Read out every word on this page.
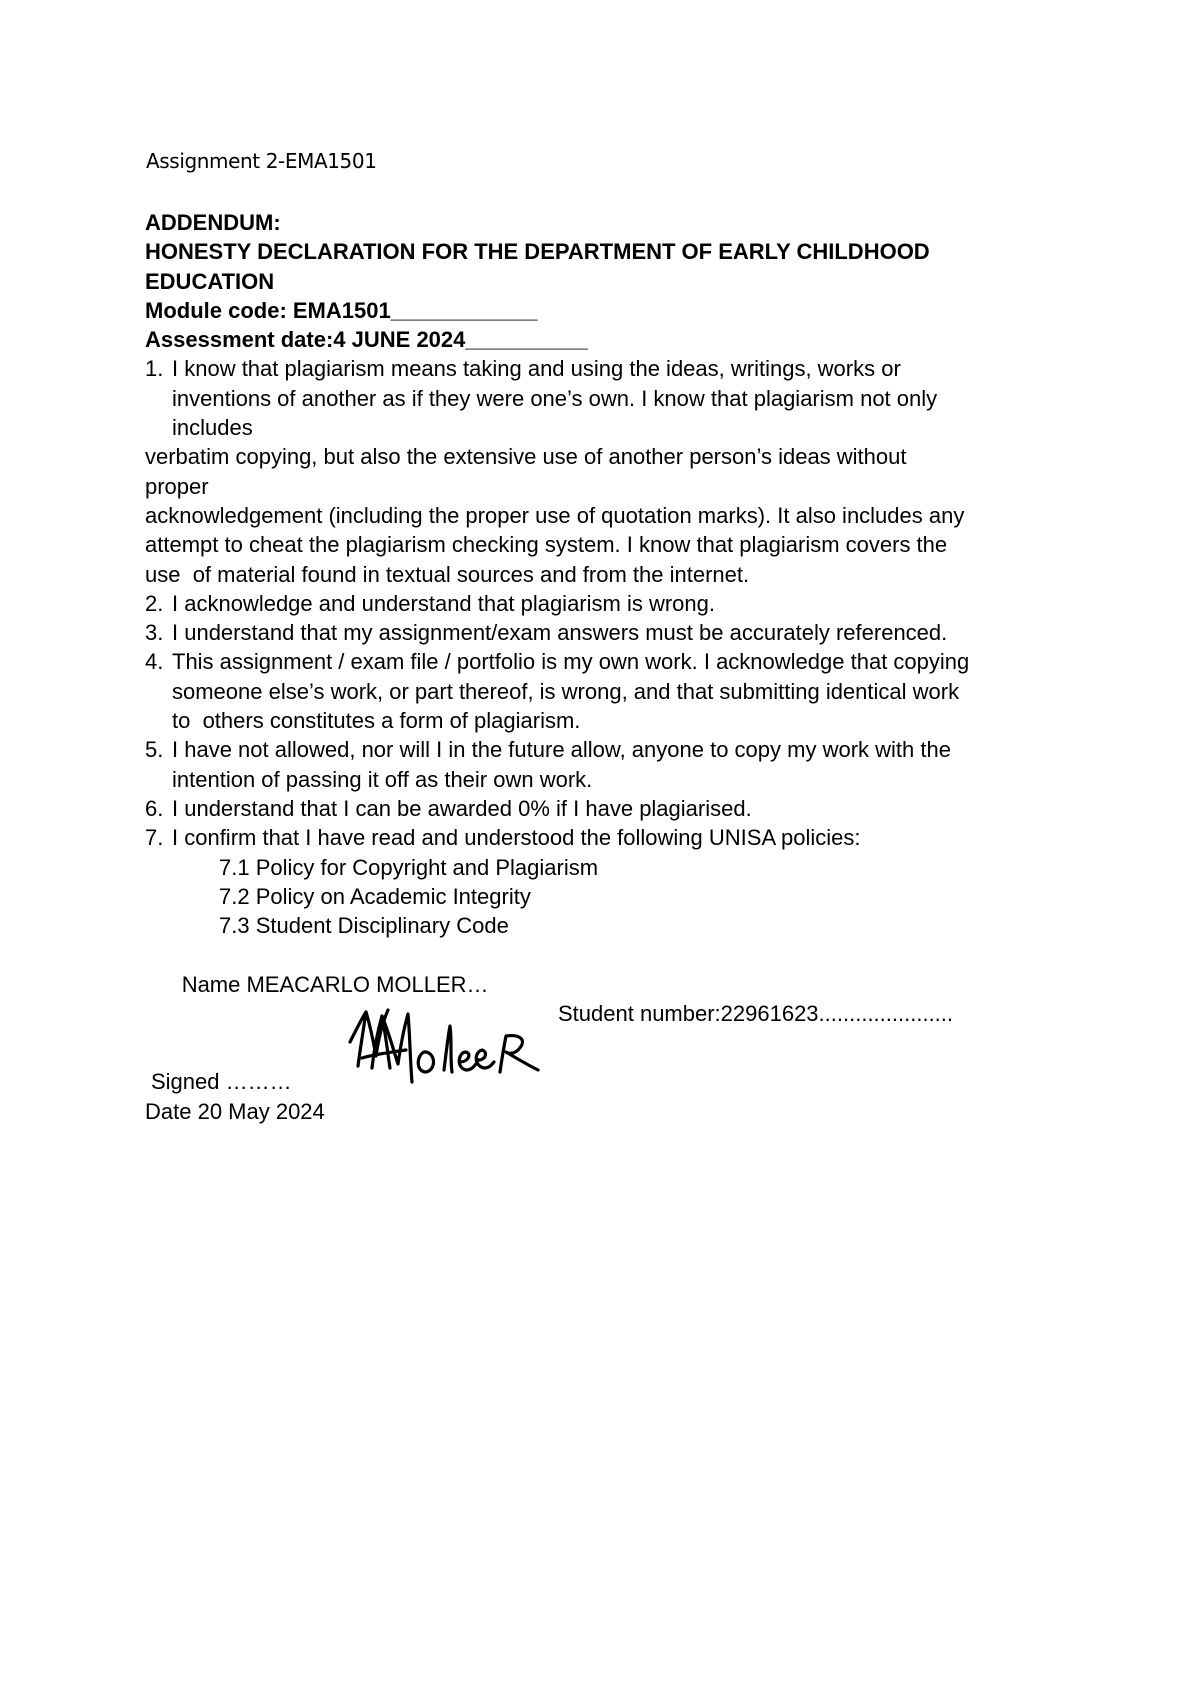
Assignment 2-EMA1501
ADDENDUM:
HONESTY DECLARATION FOR THE DEPARTMENT OF EARLY CHILDHOOD
EDUCATION
Module code: EMA1501____________
Assessment date:4 JUNE 2024__________
1. I know that plagiarism means taking and using the ideas, writings, works or
inventions of another as if they were one’s own. I know that plagiarism not only
includes
verbatim copying, but also the extensive use of another person’s ideas without
proper
acknowledgement (including the proper use of quotation marks). It also includes any
attempt to cheat the plagiarism checking system. I know that plagiarism covers the
use  of material found in textual sources and from the internet.
2. I acknowledge and understand that plagiarism is wrong.
3. I understand that my assignment/exam answers must be accurately referenced.
4. This assignment / exam file / portfolio is my own work. I acknowledge that copying
someone else’s work, or part thereof, is wrong, and that submitting identical work
to  others constitutes a form of plagiarism.
5. I have not allowed, nor will I in the future allow, anyone to copy my work with the
intention of passing it off as their own work.
6. I understand that I can be awarded 0% if I have plagiarised.
7. I confirm that I have read and understood the following UNISA policies:
7.1 Policy for Copyright and Plagiarism
7.2 Policy on Academic Integrity
7.3 Student Disciplinary Code

Name MEACARLO MOLLER…

Student number:22961623......................

Signed ………
Date 20 May 2024
